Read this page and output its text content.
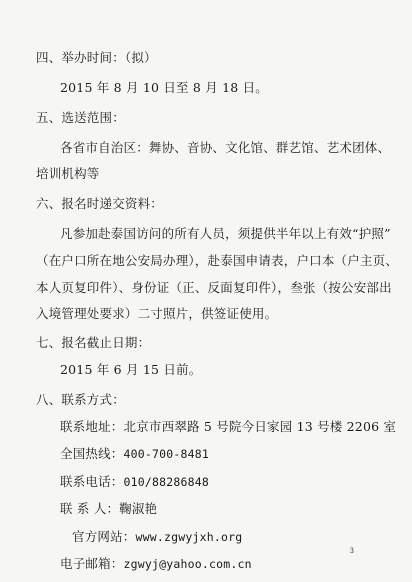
四、举办时间：（拟）
2015 年 8 月 10 日至 8 月 18 日。
五、选送范围：
各省市自治区：舞协、音协、文化馆、群艺馆、艺术团体、
培训机构等
六、报名时递交资料：
凡参加赴泰国访问的所有人员，须提供半年以上有效“护照”
（在户口所在地公安局办理），赴泰国申请表，户口本（户主页、
本人页复印件）、身份证（正、反面复印件），叁张（按公安部出
入境管理处要求）二寸照片，供签证使用。
七、报名截止日期：
2015 年 6 月 15 日前。
八、联系方式：
联系地址：北京市西翠路 5 号院今日家园 13 号楼 2206 室
全国热线：400-700-8481
联系电话：010/88286848
联 系 人：鞠淑艳
官方网站：www.zgwyjxh.org
电子邮箱：zgwyj@yahoo.com.cn
3
